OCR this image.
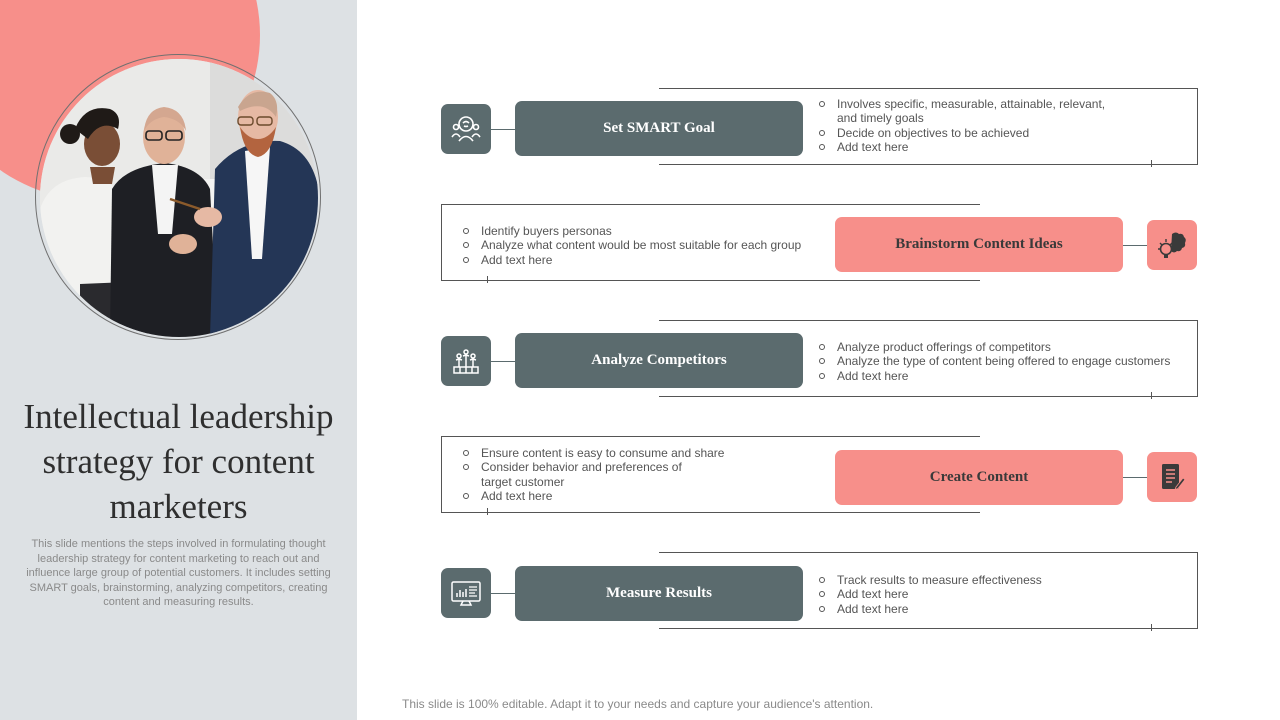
Intellectual leadership strategy for content marketers
This slide mentions the steps involved in formulating thought leadership strategy for content marketing to reach out and influence large group of potential customers. It includes setting SMART goals, brainstorming, analyzing competitors, creating content and measuring results.
Set SMART Goal
Involves specific, measurable, attainable, relevant, and timely goals
Decide on objectives to be achieved
Add text here
Identify buyers personas
Analyze what content would be most suitable for each group
Add text here
Brainstorm Content Ideas
Analyze Competitors
Analyze product offerings of competitors
Analyze the type of content being offered to engage customers
Add text here
Ensure content is easy to consume and share
Consider behavior and preferences of target customer
Add text here
Create Content
Measure Results
Track results to measure effectiveness
Add text here
Add text here
This slide is 100% editable. Adapt it to your needs and capture your audience's attention.
